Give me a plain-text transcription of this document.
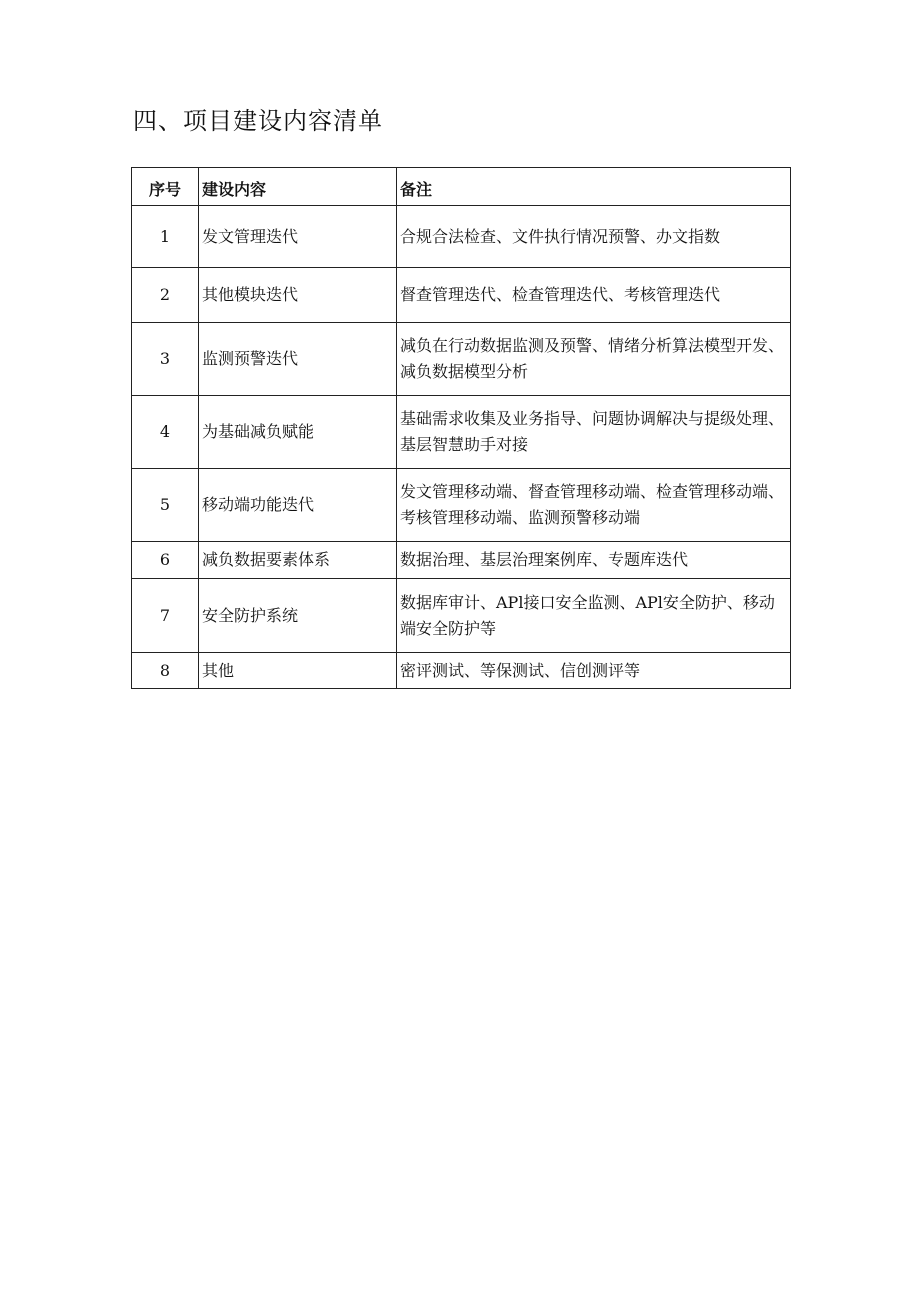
四、项目建设内容清单
序号	建设内容	备注
1	发文管理迭代	合规合法检查、文件执行情况预警、办文指数
2	其他模块迭代	督查管理迭代、检查管理迭代、考核管理迭代
3	监测预警迭代	减负在行动数据监测及预警、情绪分析算法模型开发、减负数据模型分析
4	为基础减负赋能	基础需求收集及业务指导、问题协调解决与提级处理、基层智慧助手对接
5	移动端功能迭代	发文管理移动端、督查管理移动端、检查管理移动端、考核管理移动端、监测预警移动端
6	减负数据要素体系	数据治理、基层治理案例库、专题库迭代
7	安全防护系统	数据库审计、APl接口安全监测、APl安全防护、移动端安全防护等
8	其他	密评测试、等保测试、信创测评等
